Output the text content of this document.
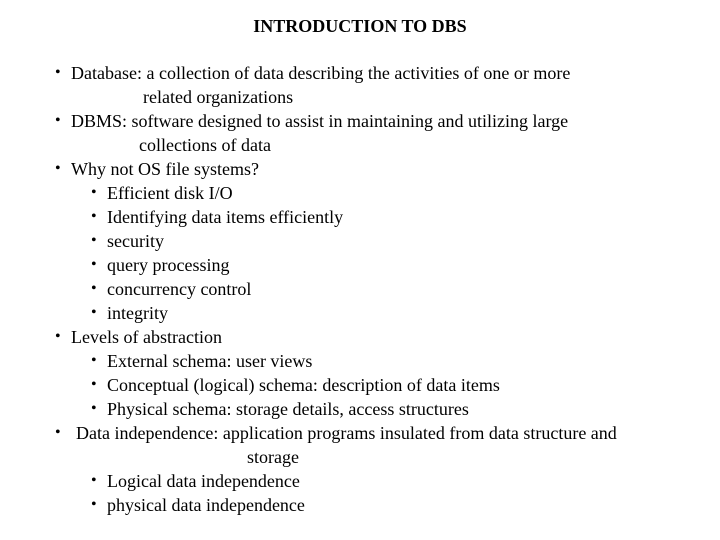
INTRODUCTION TO DBS
• Database: a collection of data describing the activities of one or more
related organizations
• DBMS: software designed to assist in maintaining and utilizing large
collections of data
• Why not OS file systems?
• Efficient disk I/O
• Identifying data items efficiently
• security
• query processing
• concurrency control
• integrity
• Levels of abstraction
• External schema: user views
• Conceptual (logical) schema: description of data items
• Physical schema: storage details, access structures
• Data independence: application programs insulated from data structure and
storage
• Logical data independence
• physical data independence
